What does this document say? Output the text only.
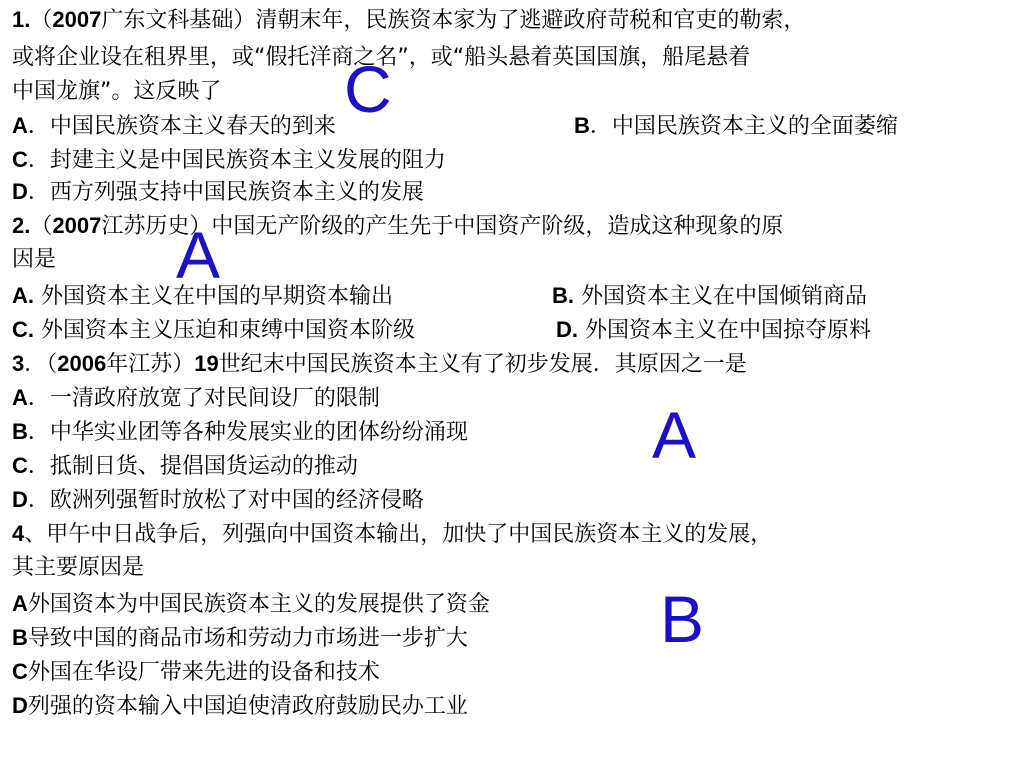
1.（2007广东文科基础）清朝末年，民族资本家为了逃避政府苛税和官吏的勒索，
或将企业设在租界里，或“假托洋商之名”，或“船头悬着英国国旗，船尾悬着
中国龙旗”。这反映了
A．中国民族资本主义春天的到来	B．中国民族资本主义的全面萎缩
C．封建主义是中国民族资本主义发展的阻力
D．西方列强支持中国民族资本主义的发展
2.（2007江苏历史）中国无产阶级的产生先于中国资产阶级，造成这种现象的原
因是
A. 外国资本主义在中国的早期资本输出	B. 外国资本主义在中国倾销商品
C. 外国资本主义压迫和束缚中国资本阶级	D. 外国资本主义在中国掠夺原料
3．（2006年江苏）19世纪末中国民族资本主义有了初步发展．其原因之一是
A．一清政府放宽了对民间设厂的限制
B．中华实业团等各种发展实业的团体纷纷涌现
C．抵制日货、提倡国货运动的推动
D．欧洲列强暂时放松了对中国的经济侵略
4、甲午中日战争后，列强向中国资本输出，加快了中国民族资本主义的发展，
其主要原因是
A外国资本为中国民族资本主义的发展提供了资金
B导致中国的商品市场和劳动力市场进一步扩大
C外国在华设厂带来先进的设备和技术
D列强的资本输入中国迫使清政府鼓励民办工业
C
A
A
B
